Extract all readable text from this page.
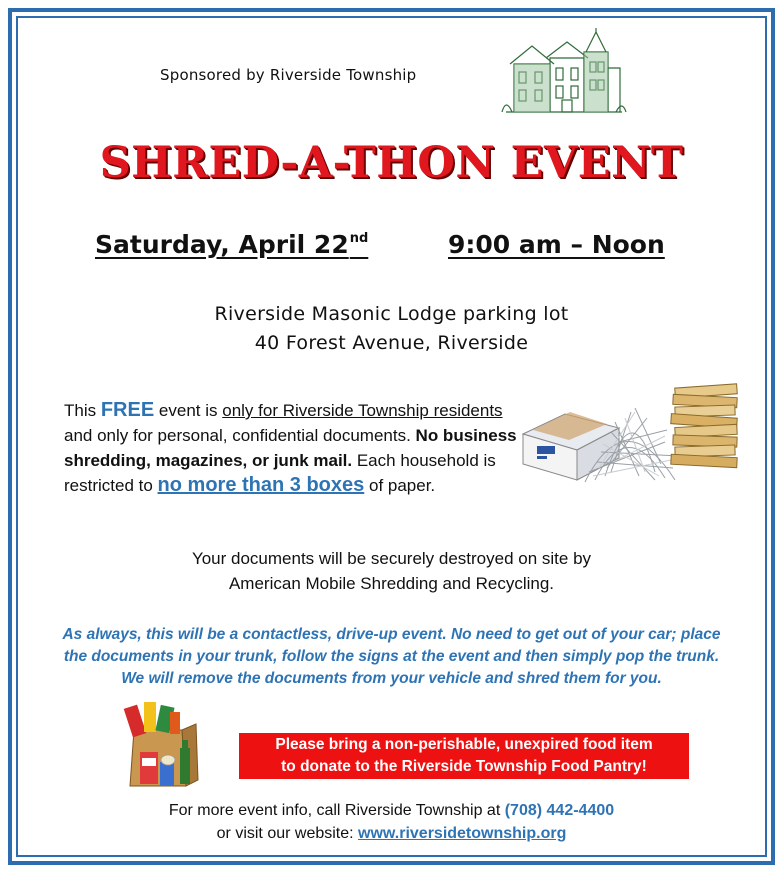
Sponsored by Riverside Township
SHRED-A-THON EVENT
Saturday, April 22nd	9:00 am – Noon
Riverside Masonic Lodge parking lot
40 Forest Avenue, Riverside
This FREE event is only for Riverside Township residents and only for personal, confidential documents. No business shredding, magazines, or junk mail. Each household is restricted to no more than 3 boxes of paper.
Your documents will be securely destroyed on site by
American Mobile Shredding and Recycling.
As always, this will be a contactless, drive-up event. No need to get out of your car; place the documents in your trunk, follow the signs at the event and then simply pop the trunk. We will remove the documents from your vehicle and shred them for you.
Please bring a non-perishable, unexpired food item
to donate to the Riverside Township Food Pantry!
For more event info, call Riverside Township at (708) 442-4400
or visit our website: www.riversidetownship.org
